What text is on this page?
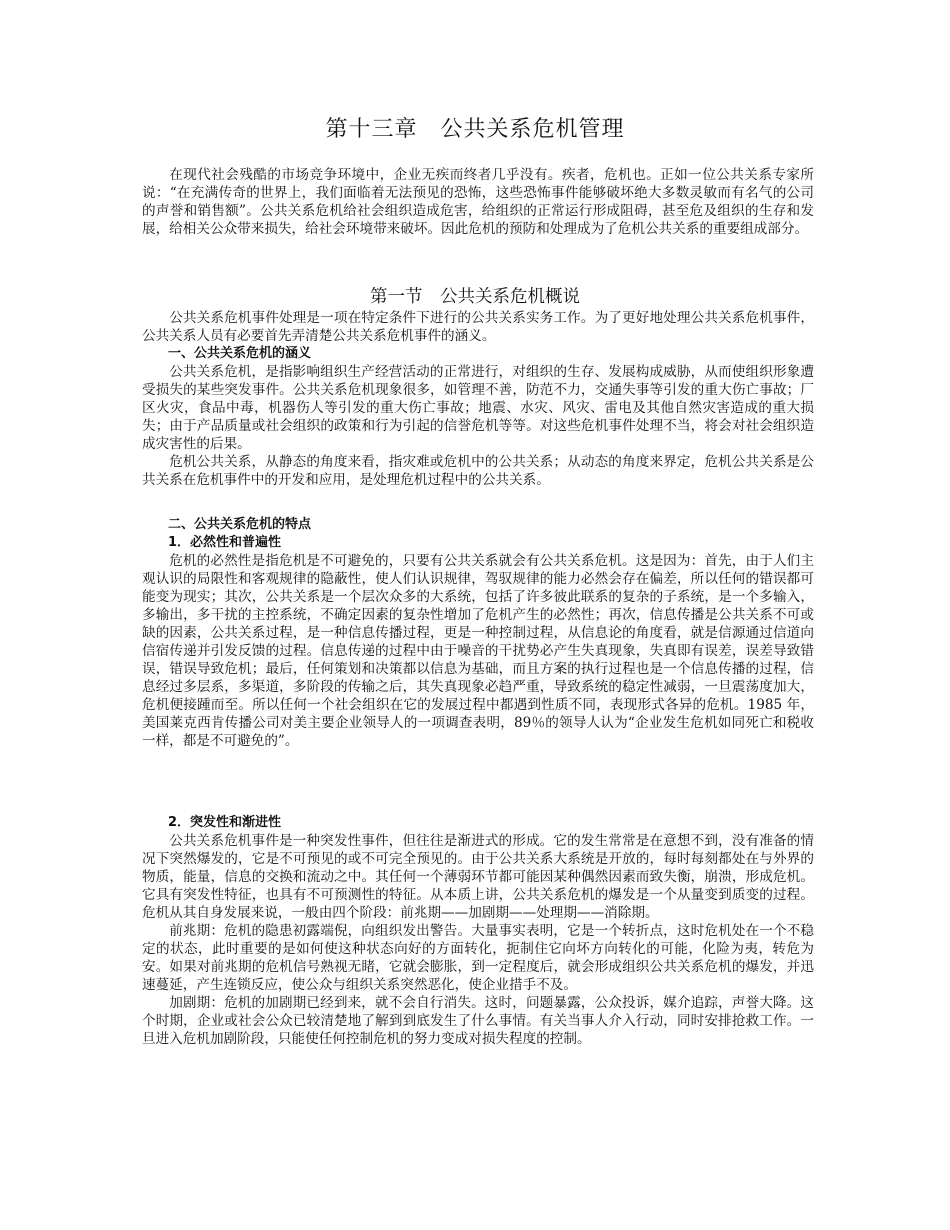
第十三章　公共关系危机管理

在现代社会残酷的市场竞争环境中，企业无疾而终者几乎没有。疾者，危机也。正如一位公共关系专家所说：“在充满传奇的世界上，我们面临着无法预见的恐怖，这些恐怖事件能够破坏绝大多数灵敏而有名气的公司的声誉和销售额”。公共关系危机给社会组织造成危害，给组织的正常运行形成阻碍，甚至危及组织的生存和发展，给相关公众带来损失，给社会环境带来破坏。因此危机的预防和处理成为了危机公共关系的重要组成部分。

第一节　公共关系危机概说

公共关系危机事件处理是一项在特定条件下进行的公共关系实务工作。为了更好地处理公共关系危机事件，公共关系人员有必要首先弄清楚公共关系危机事件的涵义。

一、公共关系危机的涵义

公共关系危机，是指影响组织生产经营活动的正常进行，对组织的生存、发展构成威胁，从而使组织形象遭受损失的某些突发事件。公共关系危机现象很多，如管理不善，防范不力，交通失事等引发的重大伤亡事故；厂区火灾，食品中毒，机器伤人等引发的重大伤亡事故；地震、水灾、风灾、雷电及其他自然灾害造成的重大损失；由于产品质量或社会组织的政策和行为引起的信誉危机等等。对这些危机事件处理不当，将会对社会组织造成灾害性的后果。

危机公共关系，从静态的角度来看，指灾难或危机中的公共关系；从动态的角度来界定，危机公共关系是公共关系在危机事件中的开发和应用，是处理危机过程中的公共关系。

二、公共关系危机的特点

1．必然性和普遍性

危机的必然性是指危机是不可避免的，只要有公共关系就会有公共关系危机。这是因为：首先，由于人们主观认识的局限性和客观规律的隐蔽性，使人们认识规律，驾驭规律的能力必然会存在偏差，所以任何的错误都可能变为现实；其次，公共关系是一个层次众多的大系统，包括了许多彼此联系的复杂的子系统，是一个多输入，多输出，多干扰的主控系统，不确定因素的复杂性增加了危机产生的必然性；再次，信息传播是公共关系不可或缺的因素，公共关系过程，是一种信息传播过程，更是一种控制过程，从信息论的角度看，就是信源通过信道向信宿传递并引发反馈的过程。信息传递的过程中由于噪音的干扰势必产生失真现象，失真即有误差，误差导致错误，错误导致危机；最后，任何策划和决策都以信息为基础，而且方案的执行过程也是一个信息传播的过程，信息经过多层系，多渠道，多阶段的传输之后，其失真现象必趋严重，导致系统的稳定性减弱，一旦震荡度加大，危机便接踵而至。所以任何一个社会组织在它的发展过程中都遇到性质不同，表现形式各异的危机。1985 年，美国莱克西肯传播公司对美主要企业领导人的一项调查表明，89％的领导人认为“企业发生危机如同死亡和税收一样，都是不可避免的”。

2．突发性和渐进性

公共关系危机事件是一种突发性事件，但往往是渐进式的形成。它的发生常常是在意想不到，没有准备的情况下突然爆发的，它是不可预见的或不可完全预见的。由于公共关系大系统是开放的，每时每刻都处在与外界的物质，能量，信息的交换和流动之中。其任何一个薄弱环节都可能因某种偶然因素而致失衡，崩溃，形成危机。它具有突发性特征，也具有不可预测性的特征。从本质上讲，公共关系危机的爆发是一个从量变到质变的过程。危机从其自身发展来说，一般由四个阶段：前兆期——加剧期——处理期——消除期。

前兆期：危机的隐患初露端倪，向组织发出警告。大量事实表明，它是一个转折点，这时危机处在一个不稳定的状态，此时重要的是如何使这种状态向好的方面转化，扼制住它向坏方向转化的可能，化险为夷，转危为安。如果对前兆期的危机信号熟视无睹，它就会膨胀，到一定程度后，就会形成组织公共关系危机的爆发，并迅速蔓延，产生连锁反应，使公众与组织关系突然恶化，使企业措手不及。

加剧期：危机的加剧期已经到来，就不会自行消失。这时，问题暴露，公众投诉，媒介追踪，声誉大降。这个时期，企业或社会公众已较清楚地了解到到底发生了什么事情。有关当事人介入行动，同时安排抢救工作。一旦进入危机加剧阶段，只能使任何控制危机的努力变成对损失程度的控制。
